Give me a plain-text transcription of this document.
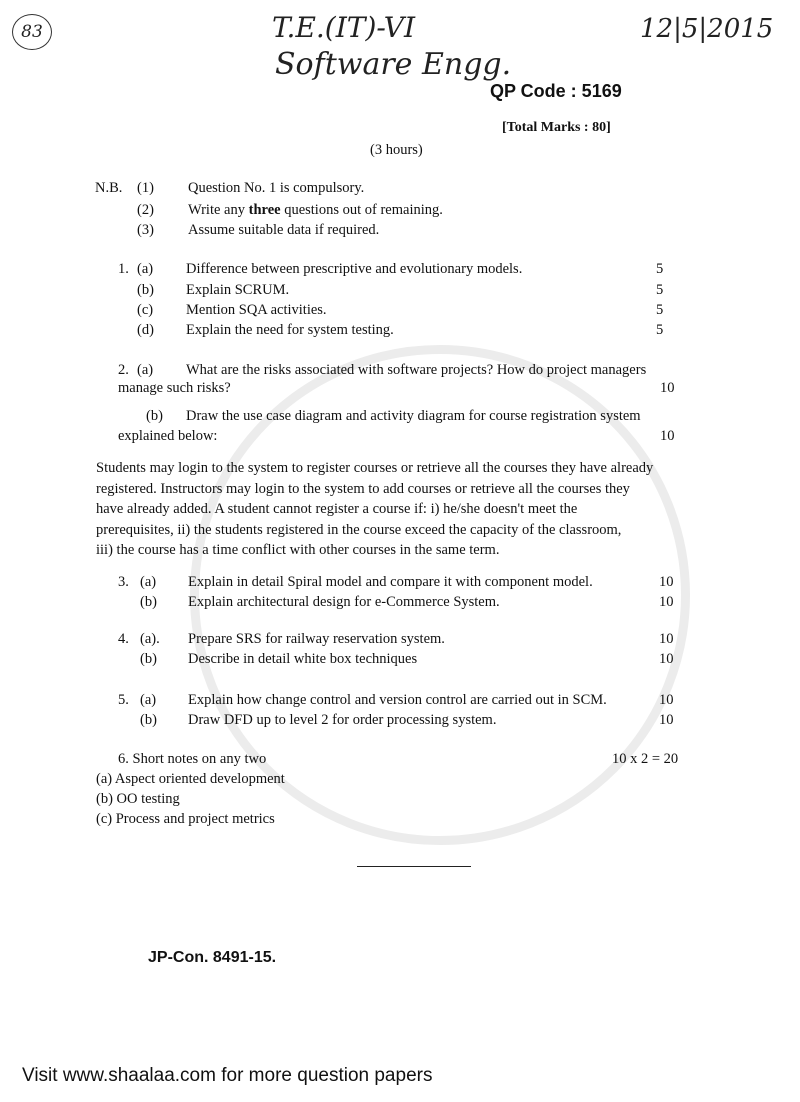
83	T.E.(IT)-VI
Software Engg.
12|5|2015
QP Code : 5169
[Total Marks : 80]
(3 hours)
N.B. (1) Question No. 1 is compulsory.
(2) Write any three questions out of remaining.
(3) Assume suitable data if required.
1. (a) Difference between prescriptive and evolutionary models.	5
(b) Explain SCRUM.	5
(c) Mention SQA activities.	5
(d) Explain the need for system testing.	5
2. (a) What are the risks associated with software projects? How do project managers
manage such risks?	10
(b) Draw the use case diagram and activity diagram for course registration system
explained below:	10
Students may login to the system to register courses or retrieve all the courses they have already
registered. Instructors may login to the system to add courses or retrieve all the courses they
have already added. A student cannot register a course if: i) he/she doesn't meet the
prerequisites, ii) the students registered in the course exceed the capacity of the classroom,
iii) the course has a time conflict with other courses in the same term.
3. (a) Explain in detail Spiral model and compare it with component model.	10
(b) Explain architectural design for e-Commerce System.	10
4. (a). Prepare SRS for railway reservation system.	10
(b) Describe in detail white box techniques	10
5. (a) Explain how change control and version control are carried out in SCM.	10
(b) Draw DFD up to level 2 for order processing system.	10
6. Short notes on any two	10 x 2 = 20
(a) Aspect oriented development
(b) OO testing
(c) Process and project metrics
JP-Con. 8491-15.
Visit www.shaalaa.com for more question papers
